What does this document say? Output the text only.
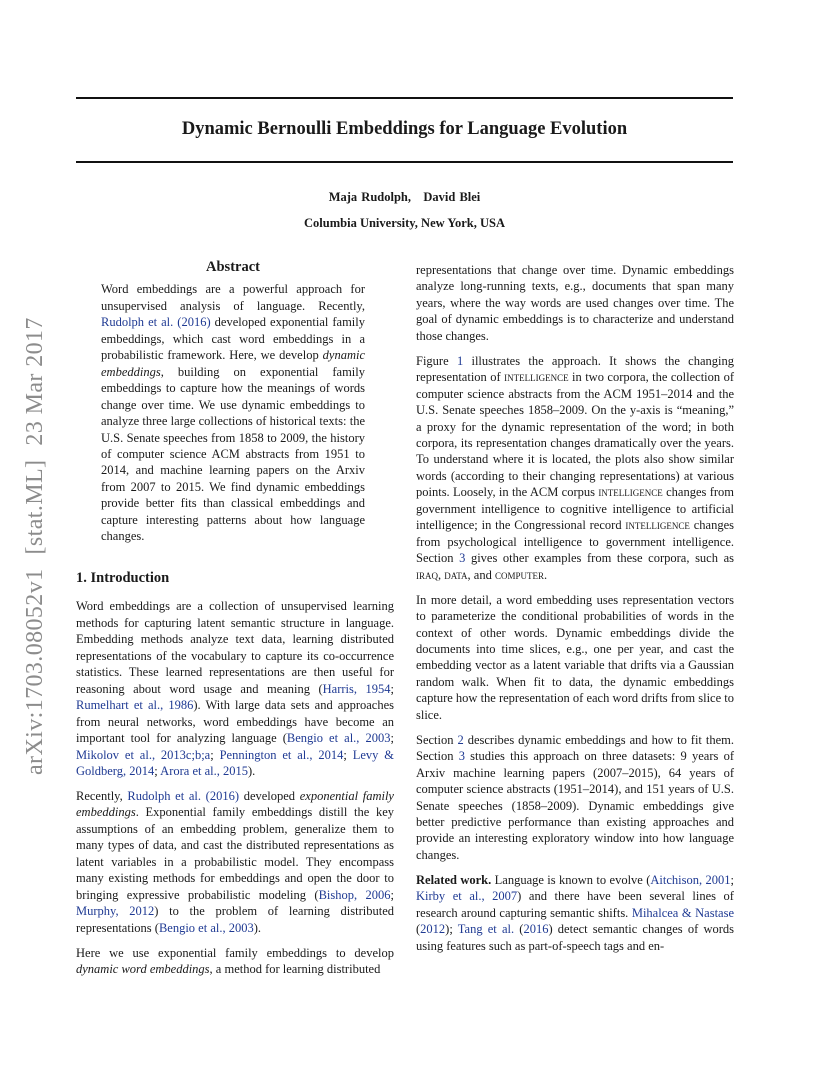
Dynamic Bernoulli Embeddings for Language Evolution
Maja Rudolph,   David Blei
Columbia University, New York, USA
arXiv:1703.08052v1[stat.ML]23 Mar 2017
Abstract

Word embeddings are a powerful approach for unsupervised analysis of language. Recently, Rudolph et al. (2016) developed exponential family embeddings, which cast word embeddings in a probabilistic framework. Here, we develop dynamic embeddings, building on exponential family embeddings to capture how the meanings of words change over time. We use dynamic embeddings to analyze three large collections of historical texts: the U.S. Senate speeches from 1858 to 2009, the history of computer science ACM abstracts from 1951 to 2014, and machine learning papers on the Arxiv from 2007 to 2015. We find dynamic embeddings provide better fits than classical embeddings and capture interesting patterns about how language changes.

1. Introduction

Word embeddings are a collection of unsupervised learning methods for capturing latent semantic structure in language. Embedding methods analyze text data, learning distributed representations of the vocabulary to capture its co-occurrence statistics. These learned representations are then useful for reasoning about word usage and meaning (Harris, 1954; Rumelhart et al., 1986). With large data sets and approaches from neural networks, word embeddings have become an important tool for analyzing language (Bengio et al., 2003; Mikolov et al., 2013c;b;a; Pennington et al., 2014; Levy & Goldberg, 2014; Arora et al., 2015).

Recently, Rudolph et al. (2016) developed exponential family embeddings. Exponential family embeddings distill the key assumptions of an embedding problem, generalize them to many types of data, and cast the distributed representations as latent variables in a probabilistic model. They encompass many existing methods for embeddings and open the door to bringing expressive probabilistic modeling (Bishop, 2006; Murphy, 2012) to the problem of learning distributed representations (Bengio et al., 2003).

Here we use exponential family embeddings to develop dynamic word embeddings, a method for learning distributed

representations that change over time. Dynamic embeddings analyze long-running texts, e.g., documents that span many years, where the way words are used changes over time. The goal of dynamic embeddings is to characterize and understand those changes.

Figure 1 illustrates the approach. It shows the changing representation of intelligence in two corpora, the collection of computer science abstracts from the ACM 1951–2014 and the U.S. Senate speeches 1858–2009. On the y-axis is “meaning,” a proxy for the dynamic representation of the word; in both corpora, its representation changes dramatically over the years. To understand where it is located, the plots also show similar words (according to their changing representations) at various points. Loosely, in the ACM corpus intelligence changes from government intelligence to cognitive intelligence to artificial intelligence; in the Congressional record intelligence changes from psychological intelligence to government intelligence. Section 3 gives other examples from these corpora, such as iraq, data, and computer.

In more detail, a word embedding uses representation vectors to parameterize the conditional probabilities of words in the context of other words. Dynamic embeddings divide the documents into time slices, e.g., one per year, and cast the embedding vector as a latent variable that drifts via a Gaussian random walk. When fit to data, the dynamic embeddings capture how the representation of each word drifts from slice to slice.

Section 2 describes dynamic embeddings and how to fit them. Section 3 studies this approach on three datasets: 9 years of Arxiv machine learning papers (2007–2015), 64 years of computer science abstracts (1951–2014), and 151 years of U.S. Senate speeches (1858–2009). Dynamic embeddings give better predictive performance than existing approaches and provide an interesting exploratory window into how language changes.

Related work. Language is known to evolve (Aitchison, 2001; Kirby et al., 2007) and there have been several lines of research around capturing semantic shifts. Mihalcea & Nastase (2012); Tang et al. (2016) detect semantic changes of words using features such as part-of-speech tags and en-
